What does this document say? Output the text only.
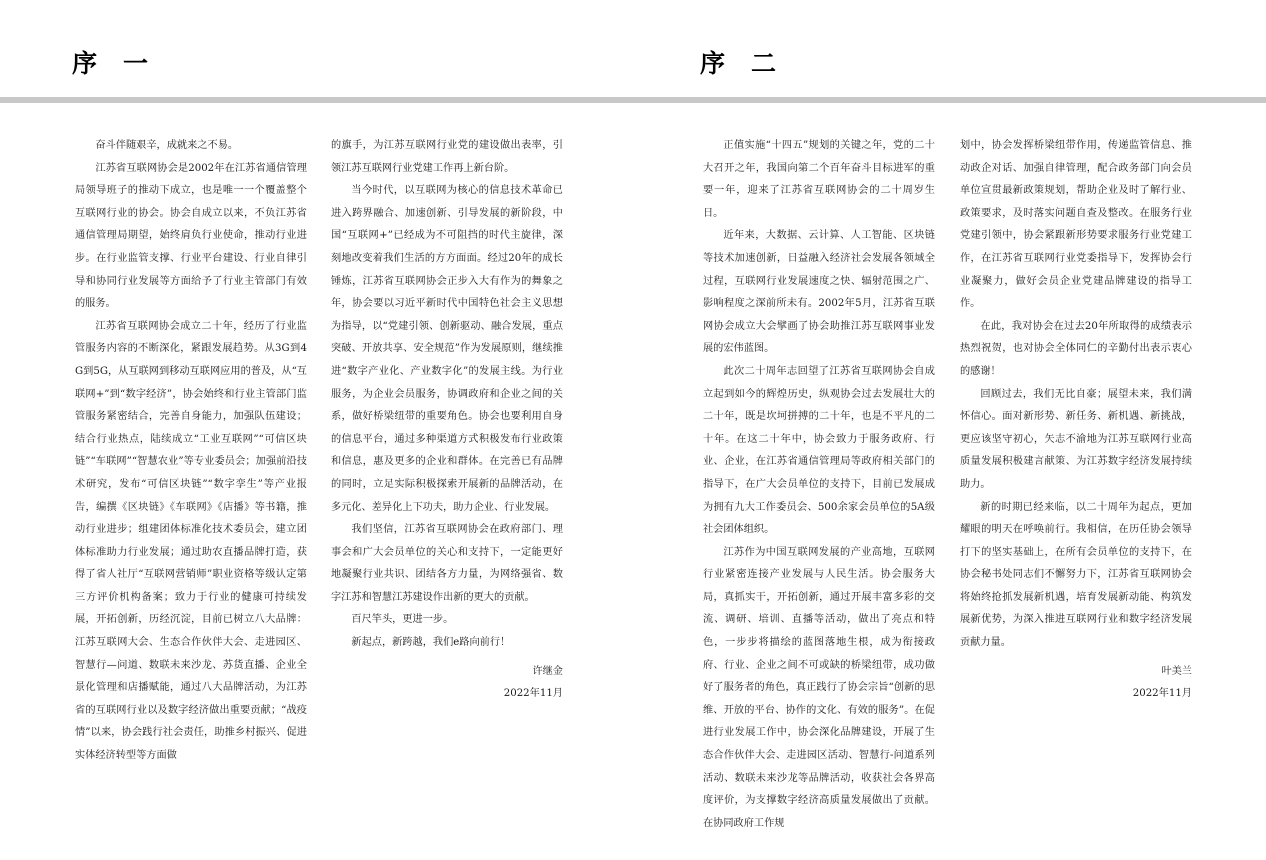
序 一	序 二

奋斗伴随艰辛，成就来之不易。

江苏省互联网协会是2002年在江苏省通信管理局领导班子的推动下成立，也是唯一一个覆盖整个互联网行业的协会。协会自成立以来，不负江苏省通信管理局期望，始终肩负行业使命，推动行业进步。在行业监管支撑、行业平台建设、行业自律引导和协同行业发展等方面给予了行业主管部门有效的服务。

江苏省互联网协会成立二十年，经历了行业监管服务内容的不断深化，紧跟发展趋势。从3G到4G到5G，从互联网到移动互联网应用的普及，从“互联网+”到“数字经济”，协会始终和行业主管部门监管服务紧密结合，完善自身能力，加强队伍建设；结合行业热点，陆续成立“工业互联网”“可信区块链”“车联网”“智慧农业”等专业委员会；加强前沿技术研究，发布“可信区块链”“数字孪生”等产业报告，编撰《区块链》《车联网》《店播》等书籍，推动行业进步；组建团体标准化技术委员会，建立团体标准助力行业发展；通过助农直播品牌打造，获得了省人社厅“互联网营销师”职业资格等级认定第三方评价机构备案；致力于行业的健康可持续发展，开拓创新，历经沉淀，目前已树立八大品牌：江苏互联网大会、生态合作伙伴大会、走进园区、智慧行—问道、数联未来沙龙、苏货直播、企业全景化管理和店播赋能，通过八大品牌活动，为江苏省的互联网行业以及数字经济做出重要贡献；“战疫情”以来，协会践行社会责任，助推乡村振兴、促进实体经济转型等方面做

的旗手，为江苏互联网行业党的建设做出表率，引领江苏互联网行业党建工作再上新台阶。

当今时代，以互联网为核心的信息技术革命已进入跨界融合、加速创新、引导发展的新阶段，中国“互联网+”已经成为不可阻挡的时代主旋律，深刻地改变着我们生活的方方面面。经过20年的成长锤炼，江苏省互联网协会正步入大有作为的舞象之年，协会要以习近平新时代中国特色社会主义思想为指导，以“党建引领、创新驱动、融合发展，重点突破、开放共享、安全规范”作为发展原则，继续推进“数字产业化、产业数字化”的发展主线。为行业服务，为企业会员服务，协调政府和企业之间的关系，做好桥梁纽带的重要角色。协会也要利用自身的信息平台，通过多种渠道方式积极发布行业政策和信息，惠及更多的企业和群体。在完善已有品牌的同时，立足实际积极探索开展新的品牌活动，在多元化、差异化上下功夫，助力企业、行业发展。

我们坚信，江苏省互联网协会在政府部门、理事会和广大会员单位的关心和支持下，一定能更好地凝聚行业共识、团结各方力量，为网络强省、数字江苏和智慧江苏建设作出新的更大的贡献。

百尺竿头，更进一步。

新起点，新跨越，我们e路向前行！

许继金

2022年11月

正值实施“十四五”规划的关键之年，党的二十大召开之年，我国向第二个百年奋斗目标进军的重要一年，迎来了江苏省互联网协会的二十周岁生日。

近年来，大数据、云计算、人工智能、区块链等技术加速创新，日益融入经济社会发展各领域全过程，互联网行业发展速度之快、辐射范围之广、影响程度之深前所未有。2002年5月，江苏省互联网协会成立大会擘画了协会助推江苏互联网事业发展的宏伟蓝图。

此次二十周年志回望了江苏省互联网协会自成立起到如今的辉煌历史，纵观协会过去发展壮大的二十年，既是坎坷拼搏的二十年，也是不平凡的二十年。在这二十年中，协会致力于服务政府、行业、企业，在江苏省通信管理局等政府相关部门的指导下，在广大会员单位的支持下，目前已发展成为拥有九大工作委员会、500余家会员单位的5A级社会团体组织。

江苏作为中国互联网发展的产业高地，互联网行业紧密连接产业发展与人民生活。协会服务大局，真抓实干，开拓创新，通过开展丰富多彩的交流、调研、培训、直播等活动，做出了亮点和特色，一步步将描绘的蓝图落地生根，成为衔接政府、行业、企业之间不可或缺的桥梁纽带，成功做好了服务者的角色，真正践行了协会宗旨“创新的思维、开放的平台、协作的文化、有效的服务”。在促进行业发展工作中，协会深化品牌建设，开展了生态合作伙伴大会、走进园区活动、智慧行-问道系列活动、数联未来沙龙等品牌活动，收获社会各界高度评价，为支撑数字经济高质量发展做出了贡献。在协同政府工作规

划中，协会发挥桥梁纽带作用，传递监管信息、推动政企对话、加强自律管理，配合政务部门向会员单位宣贯最新政策规划，帮助企业及时了解行业、政策要求，及时落实问题自查及整改。在服务行业党建引领中，协会紧跟新形势要求服务行业党建工作，在江苏省互联网行业党委指导下，发挥协会行业凝聚力，做好会员企业党建品牌建设的指导工作。

在此，我对协会在过去20年所取得的成绩表示热烈祝贺，也对协会全体同仁的辛勤付出表示衷心的感谢！

回顾过去，我们无比自豪；展望未来，我们满怀信心。面对新形势、新任务、新机遇、新挑战，更应该坚守初心，矢志不渝地为江苏互联网行业高质量发展积极建言献策、为江苏数字经济发展持续助力。

新的时期已经来临，以二十周年为起点，更加耀眼的明天在呼唤前行。我相信，在历任协会领导打下的坚实基础上，在所有会员单位的支持下，在协会秘书处同志们不懈努力下，江苏省互联网协会将始终抢抓发展新机遇，培育发展新动能、构筑发展新优势，为深入推进互联网行业和数字经济发展贡献力量。

叶美兰

2022年11月
